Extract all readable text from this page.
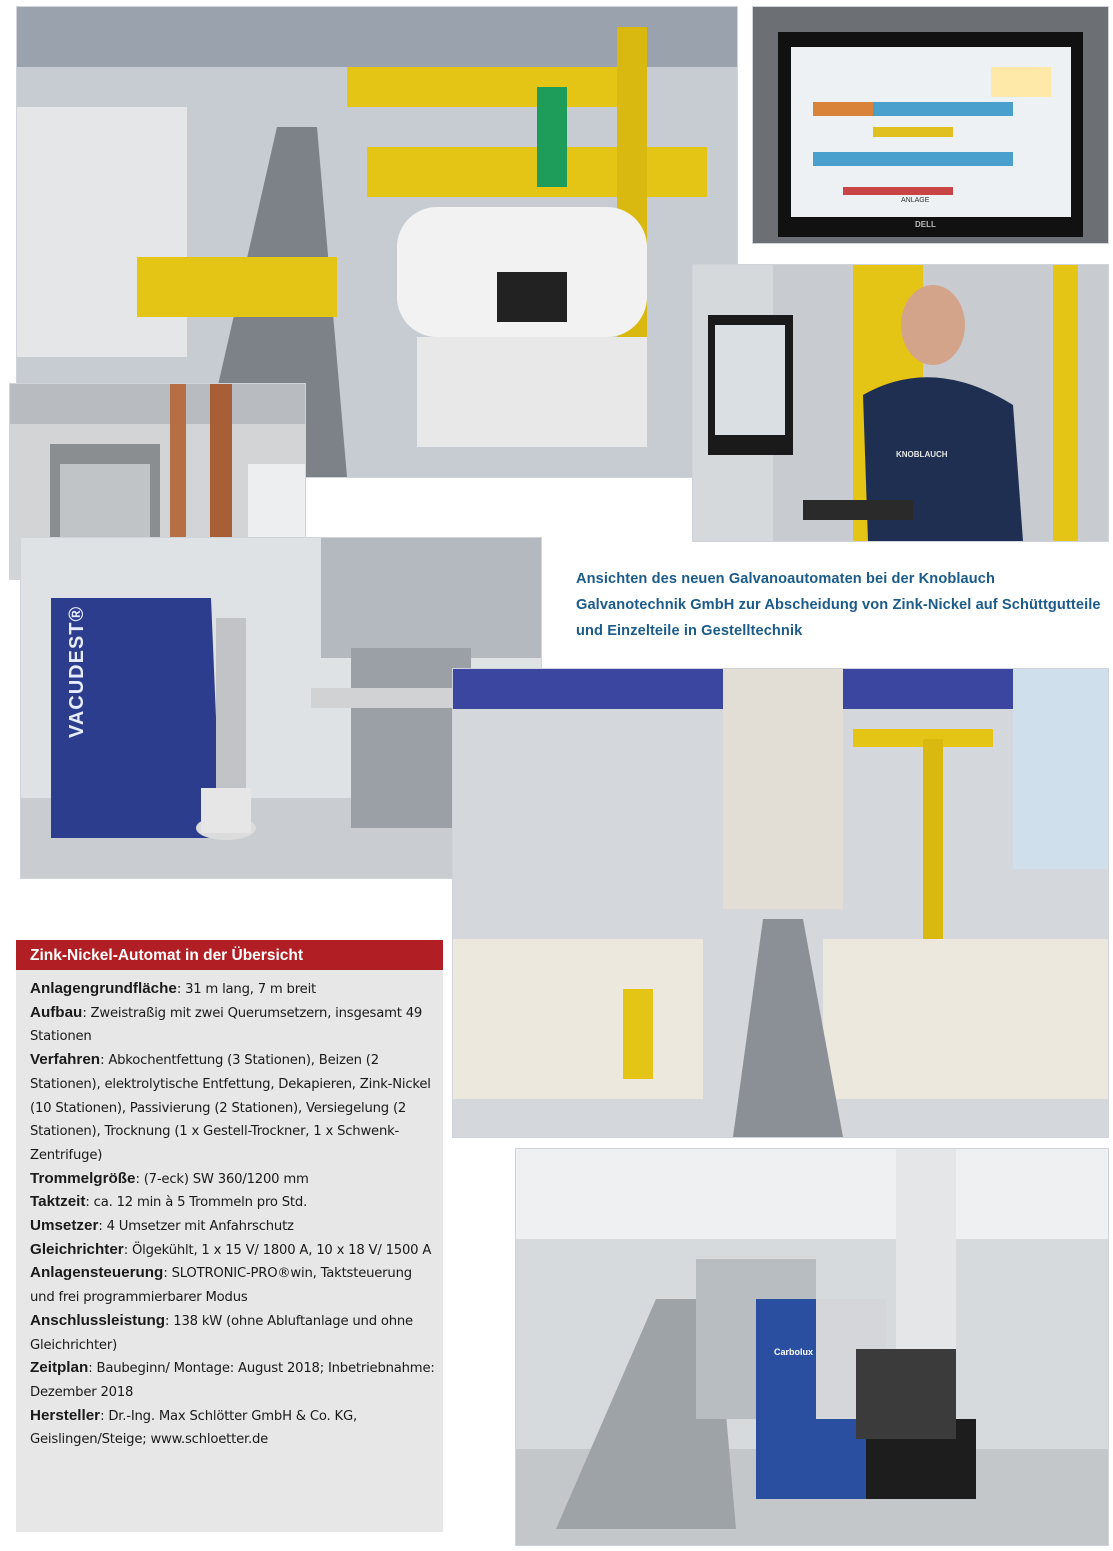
ANLAGE
DELL
KNOBLAUCH
VACUDEST®
Carbolux
Ansichten des neuen Galvanoautomaten bei der Knoblauch Galvanotechnik GmbH zur Abscheidung von Zink-Nickel auf Schüttgutteile und Einzelteile in Gestelltechnik
Zink-Nickel-Automat in der Übersicht
Anlagengrundfläche: 31 m lang, 7 m breit
Aufbau: Zweistraßig mit zwei Querumsetzern, insgesamt 49 Stationen
Verfahren: Abkochentfettung (3 Stationen), Beizen (2 Stationen), elektrolytische Entfettung, Dekapieren, Zink-Nickel (10 Stationen), Passivierung (2 Stationen), Versiegelung (2 Stationen), Trocknung (1 x Gestell-Trockner, 1 x Schwenk-Zentrifuge)
Trommelgröße: (7-eck) SW 360/1200 mm
Taktzeit: ca. 12 min à 5 Trommeln pro Std.
Umsetzer: 4 Umsetzer mit Anfahrschutz
Gleichrichter: Ölgekühlt, 1 x 15 V/ 1800 A, 10 x 18 V/ 1500 A
Anlagensteuerung: SLOTRONIC-PRO®win, Taktsteuerung und frei programmierbarer Modus
Anschlussleistung: 138 kW (ohne Abluftanlage und ohne Gleichrichter)
Zeitplan: Baubeginn/ Montage: August 2018; Inbetriebnahme: Dezember 2018
Hersteller: Dr.-Ing. Max Schlötter GmbH & Co. KG, Geislingen/Steige; www.schloetter.de
